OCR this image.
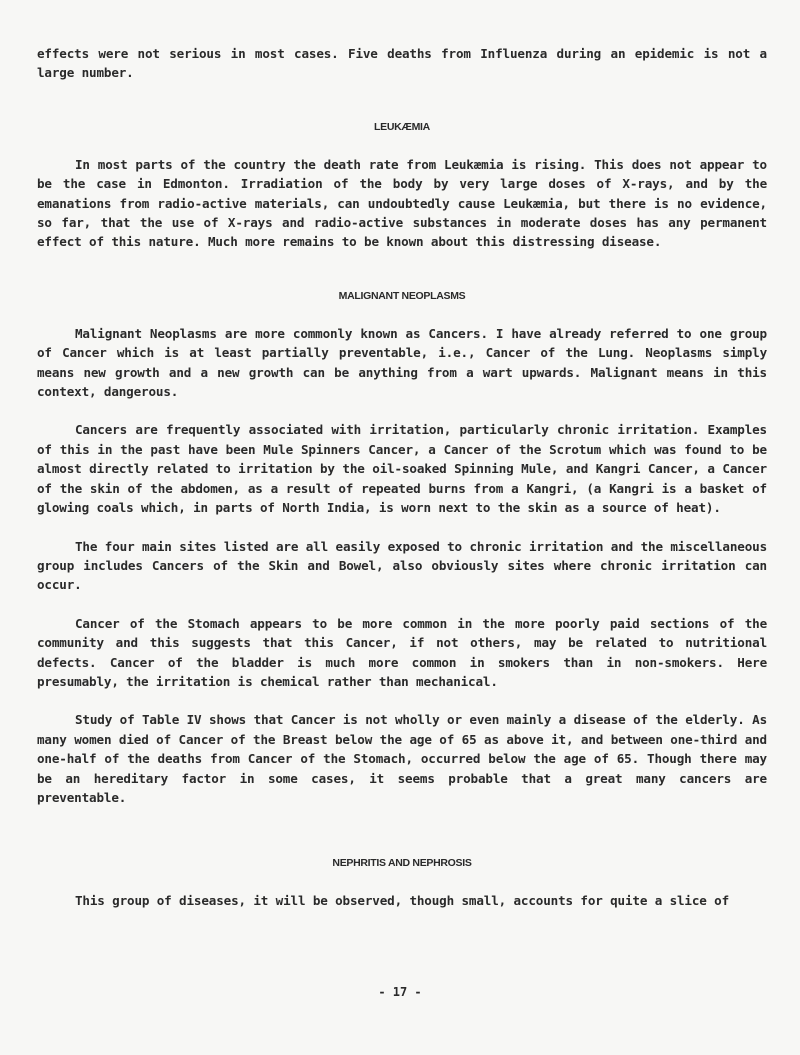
effects were not serious in most cases. Five deaths from Influenza during an epidemic is not a large number.

LEUKÆMIA

In most parts of the country the death rate from Leukæmia is rising. This does not appear to be the case in Edmonton. Irradiation of the body by very large doses of X-rays, and by the emanations from radio-active materials, can undoubtedly cause Leukæmia, but there is no evidence, so far, that the use of X-rays and radio-active substances in moderate doses has any permanent effect of this nature. Much more remains to be known about this distressing disease.

MALIGNANT NEOPLASMS

Malignant Neoplasms are more commonly known as Cancers. I have already referred to one group of Cancer which is at least partially preventable, i.e., Cancer of the Lung. Neoplasms simply means new growth and a new growth can be anything from a wart upwards. Malignant means in this context, dangerous.

Cancers are frequently associated with irritation, particularly chronic irritation. Examples of this in the past have been Mule Spinners Cancer, a Cancer of the Scrotum which was found to be almost directly related to irritation by the oil-soaked Spinning Mule, and Kangri Cancer, a Cancer of the skin of the abdomen, as a result of repeated burns from a Kangri, (a Kangri is a basket of glowing coals which, in parts of North India, is worn next to the skin as a source of heat).

The four main sites listed are all easily exposed to chronic irritation and the miscellaneous group includes Cancers of the Skin and Bowel, also obviously sites where chronic irritation can occur.

Cancer of the Stomach appears to be more common in the more poorly paid sections of the community and this suggests that this Cancer, if not others, may be related to nutritional defects. Cancer of the bladder is much more common in smokers than in non-smokers. Here presumably, the irritation is chemical rather than mechanical.

Study of Table IV shows that Cancer is not wholly or even mainly a disease of the elderly. As many women died of Cancer of the Breast below the age of 65 as above it, and between one-third and one-half of the deaths from Cancer of the Stomach, occurred below the age of 65. Though there may be an hereditary factor in some cases, it seems probable that a great many cancers are preventable.

NEPHRITIS AND NEPHROSIS

This group of diseases, it will be observed, though small, accounts for quite a slice of

- 17 -
